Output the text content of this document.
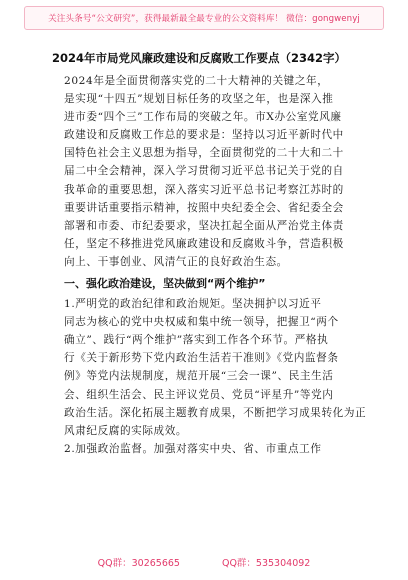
关注头条号“公文研究”，获得最新最全最专业的公文资料库！ 微信：gongwenyj
2024年市局党风廉政建设和反腐败工作要点（2342字）

2024年是全面贯彻落实党的二十大精神的关键之年，

是实现“十四五”规划目标任务的攻坚之年，也是深入推

进市委“四个三”工作布局的突破之年。市X办公室党风廉

政建设和反腐败工作总的要求是：坚持以习近平新时代中

国特色社会主义思想为指导，全面贯彻党的二十大和二十

届二中全会精神，深入学习贯彻习近平总书记关于党的自

我革命的重要思想，深入落实习近平总书记考察江苏时的

重要讲话重要指示精神，按照中央纪委全会、省纪委全会

部署和市委、市纪委要求，坚决扛起全面从严治党主体责

任，坚定不移推进党风廉政建设和反腐败斗争，营造积极

向上、干事创业、风清气正的良好政治生态。

一、强化政治建设，坚决做到“两个维护”

1.严明党的政治纪律和政治规矩。坚决拥护以习近平

同志为核心的党中央权威和集中统一领导，把握卫“两个

确立”、践行“两个维护”落实到工作各个环节。严格执

行《关于新形势下党内政治生活若干准则》《党内监督条

例》等党内法规制度，规范开展“三会一课”、民主生活

会、组织生活会、民主评议党员、党员“评星升”等党内

政治生活。深化拓展主题教育成果，不断把学习成果转化为正

风肃纪反腐的实际成效。

2.加强政治监督。加强对落实中央、省、市重点工作

QQ群：30265665	QQ群：535304092
